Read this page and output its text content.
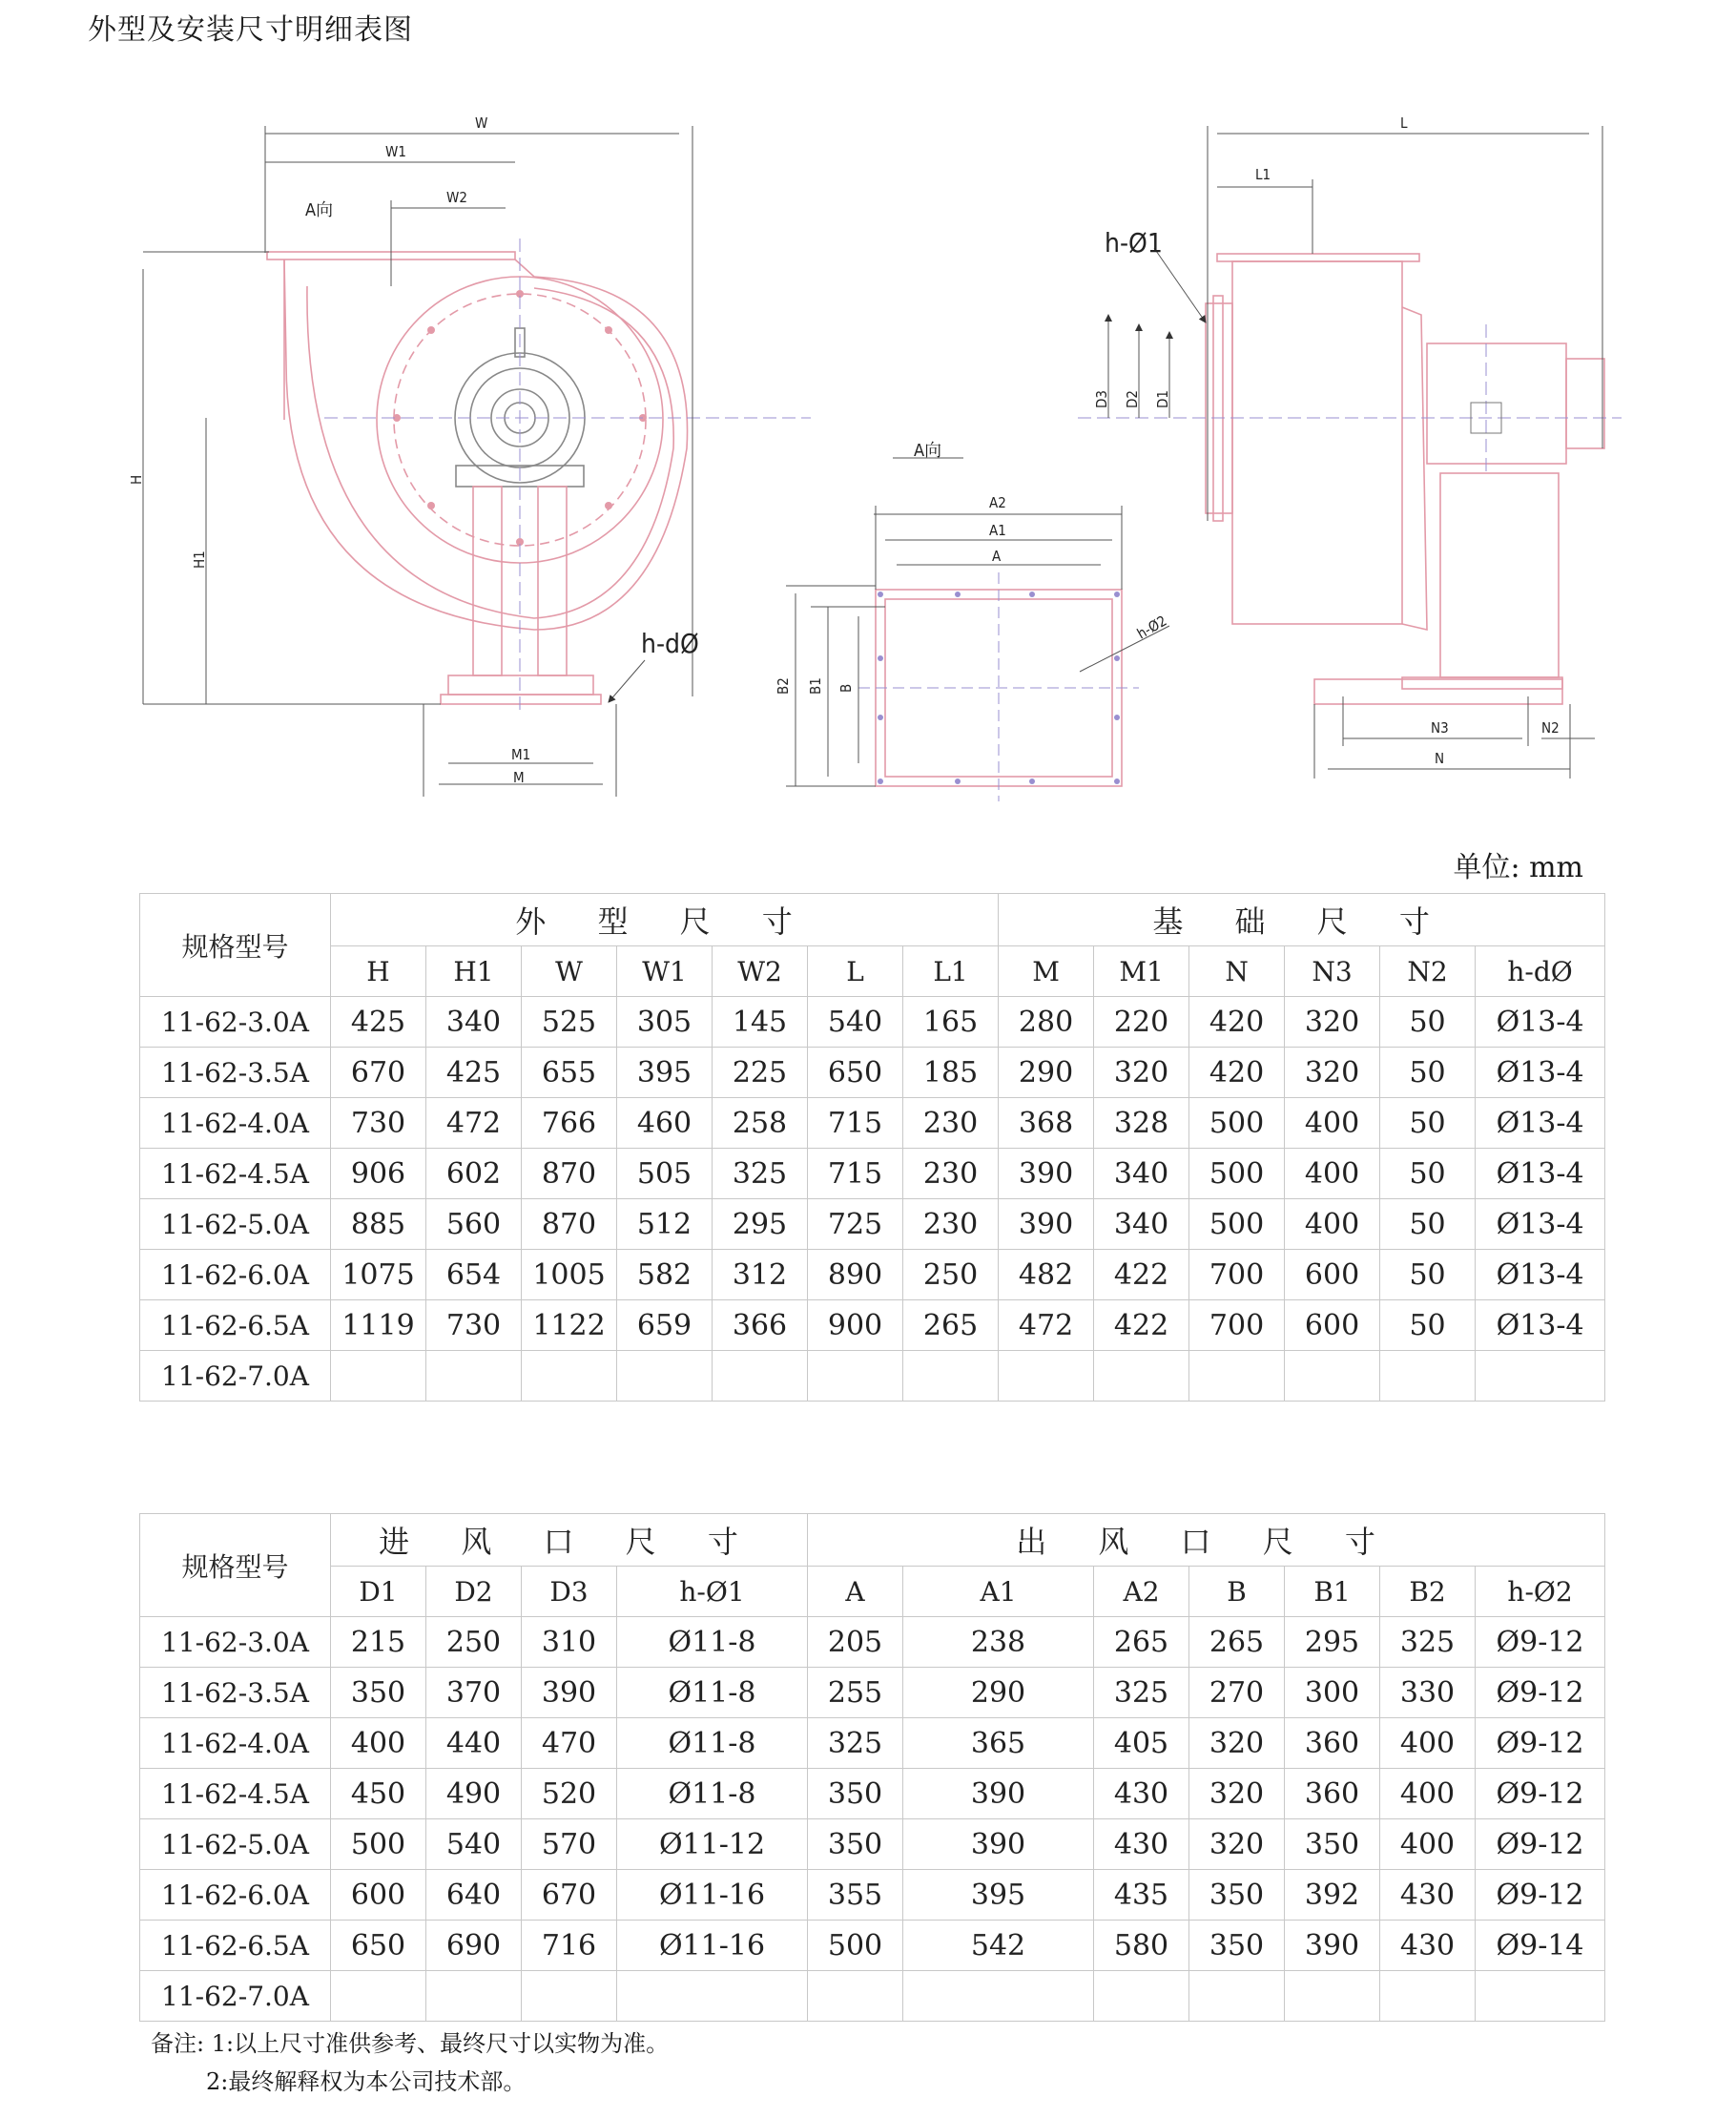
外型及安装尺寸明细表图
W
W1
W2
A向
H
H1
M1
M
h-dØ
A向
A2
A1
A
B2 B1 B
h-Ø2
L
L1
h-Ø1
D3 D2 D1
N3	N2
N
单位: mm
规格型号	外 型 尺 寸							基 础 尺 寸					
	H	H1	W	W1	W2	L	L1	M	M1	N	N3	N2	h-dØ
11-62-3.0A	425	340	525	305	145	540	165	280	220	420	320	50	Ø13-4
11-62-3.5A	670	425	655	395	225	650	185	290	320	420	320	50	Ø13-4
11-62-4.0A	730	472	766	460	258	715	230	368	328	500	400	50	Ø13-4
11-62-4.5A	906	602	870	505	325	715	230	390	340	500	400	50	Ø13-4
11-62-5.0A	885	560	870	512	295	725	230	390	340	500	400	50	Ø13-4
11-62-6.0A	1075	654	1005	582	312	890	250	482	422	700	600	50	Ø13-4
11-62-6.5A	1119	730	1122	659	366	900	265	472	422	700	600	50	Ø13-4
11-62-7.0A													
规格型号	进 风 口 尺 寸				出 风 口 尺 寸							
	D1	D2	D3	h-Ø1	A	A1	A2	B	B1	B2	h-Ø2	
11-62-3.0A	215	250	310	Ø11-8	205	238	265	265	295	325	Ø9-12	
11-62-3.5A	350	370	390	Ø11-8	255	290	325	270	300	330	Ø9-12	
11-62-4.0A	400	440	470	Ø11-8	325	365	405	320	360	400	Ø9-12	
11-62-4.5A	450	490	520	Ø11-8	350	390	430	320	360	400	Ø9-12	
11-62-5.0A	500	540	570	Ø11-12	350	390	430	320	350	400	Ø9-12	
11-62-6.0A	600	640	670	Ø11-16	355	395	435	350	392	430	Ø9-12	
11-62-6.5A	650	690	716	Ø11-16	500	542	580	350	390	430	Ø9-14	
11-62-7.0A												
备注: 1:以上尺寸准供参考、最终尺寸以实物为准。
2:最终解释权为本公司技术部。
